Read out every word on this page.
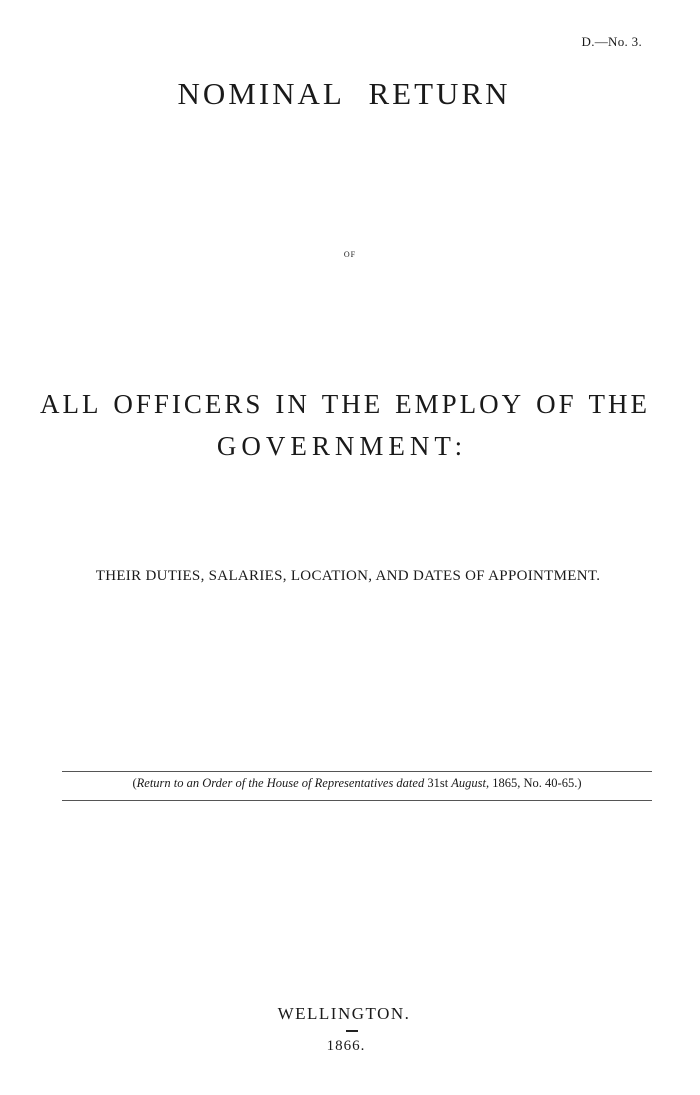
D.—No. 3.
NOMINAL RETURN
OF
ALL OFFICERS IN THE EMPLOY OF THE
GOVERNMENT:
THEIR DUTIES, SALARIES, LOCATION, AND DATES OF APPOINTMENT.
(Return to an Order of the House of Representatives dated 31st August, 1865, No. 40-65.)
WELLINGTON.
1866.
